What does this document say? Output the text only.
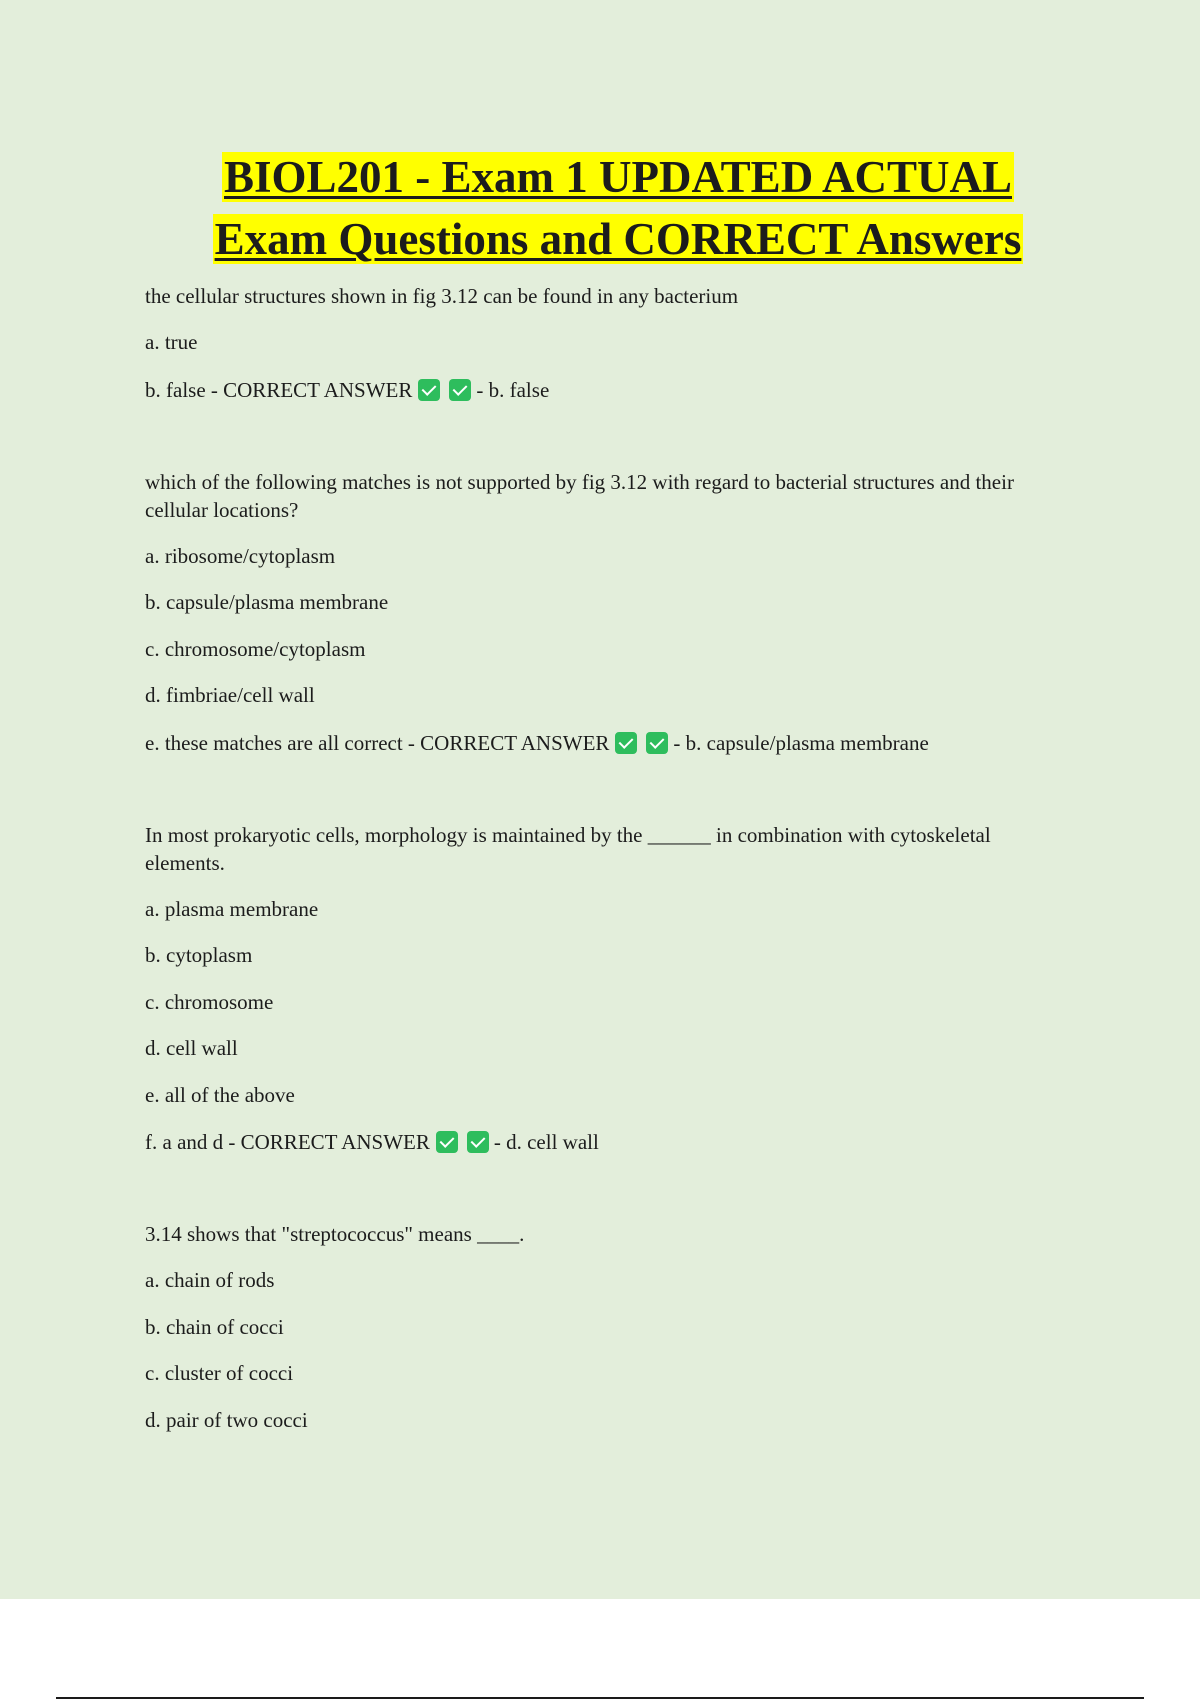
BIOL201 - Exam 1 UPDATED ACTUAL
Exam Questions and CORRECT Answers
the cellular structures shown in fig 3.12 can be found in any bacterium
a. true
b. false - CORRECT ANSWER	- b. false
which of the following matches is not supported by fig 3.12 with regard to bacterial structures and their cellular locations?
a. ribosome/cytoplasm
b. capsule/plasma membrane
c. chromosome/cytoplasm
d. fimbriae/cell wall
e. these matches are all correct - CORRECT ANSWER	- b. capsule/plasma membrane
In most prokaryotic cells, morphology is maintained by the ______ in combination with cytoskeletal elements.
a. plasma membrane
b. cytoplasm
c. chromosome
d. cell wall
e. all of the above
f. a and d - CORRECT ANSWER	- d. cell wall
3.14 shows that "streptococcus" means ____.
a. chain of rods
b. chain of cocci
c. cluster of cocci
d. pair of two cocci
